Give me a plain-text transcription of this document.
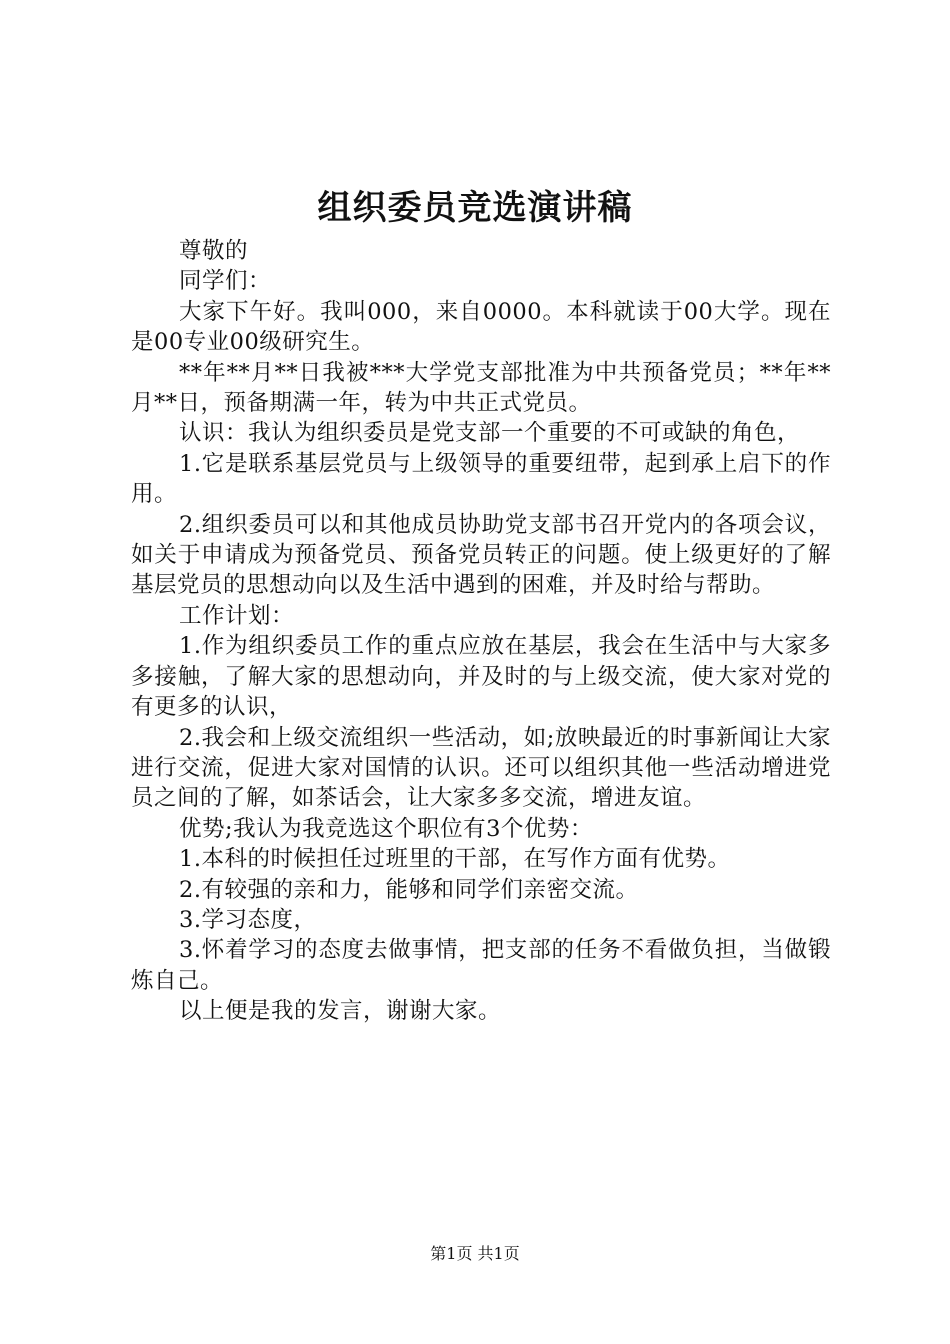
组织委员竞选演讲稿

尊敬的

同学们：

大家下午好。我叫000，来自0000。本科就读于00大学。现在是00专业00级研究生。

**年**月**日我被***大学党支部批准为中共预备党员；**年**月**日，预备期满一年，转为中共正式党员。

认识：我认为组织委员是党支部一个重要的不可或缺的角色，

1.它是联系基层党员与上级领导的重要纽带，起到承上启下的作用。

2.组织委员可以和其他成员协助党支部书召开党内的各项会议，如关于申请成为预备党员、预备党员转正的问题。使上级更好的了解基层党员的思想动向以及生活中遇到的困难，并及时给与帮助。

工作计划：

1.作为组织委员工作的重点应放在基层，我会在生活中与大家多多接触，了解大家的思想动向，并及时的与上级交流，使大家对党的有更多的认识，

2.我会和上级交流组织一些活动，如;放映最近的时事新闻让大家进行交流，促进大家对国情的认识。还可以组织其他一些活动增进党员之间的了解，如茶话会，让大家多多交流，增进友谊。

优势;我认为我竞选这个职位有3个优势：

1.本科的时候担任过班里的干部，在写作方面有优势。

2.有较强的亲和力，能够和同学们亲密交流。

3.学习态度，

3.怀着学习的态度去做事情，把支部的任务不看做负担，当做锻炼自己。

以上便是我的发言，谢谢大家。

第1页 共1页
